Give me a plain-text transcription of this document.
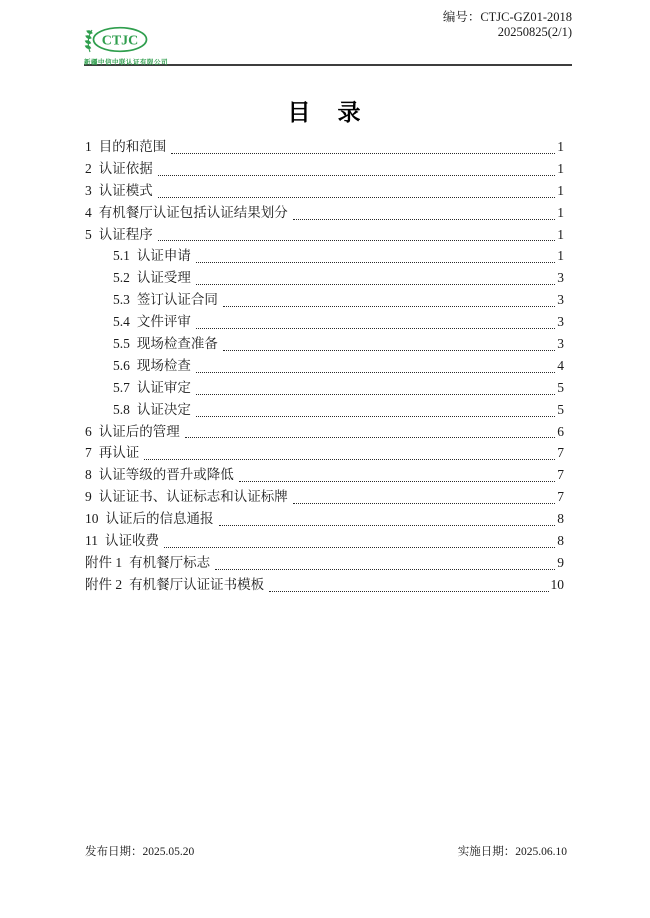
CTJC
新疆中信中联认证有限公司
编号：CTJC-GZ01-2018
20250825(2/1)
目　录
1 目的和范围	1
2 认证依据	1
3 认证模式	1
4 有机餐厅认证包括认证结果划分	1
5 认证程序	1
5.1 认证申请	1
5.2 认证受理	3
5.3 签订认证合同	3
5.4 文件评审	3
5.5 现场检查准备	3
5.6 现场检查	4
5.7 认证审定	5
5.8 认证决定	5
6 认证后的管理	6
7 再认证	7
8 认证等级的晋升或降低	7
9 认证证书、认证标志和认证标牌	7
10 认证后的信息通报	8
11 认证收费	8
附件 1 有机餐厅标志	9
附件 2 有机餐厅认证证书模板	10
发布日期：2025.05.20	实施日期：2025.06.10
